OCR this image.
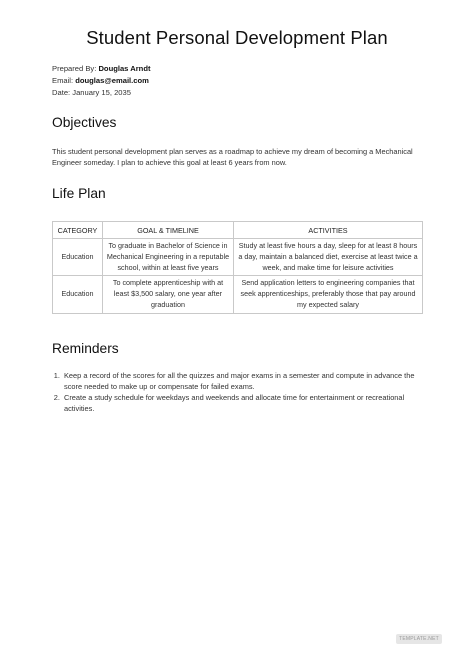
Student Personal Development Plan
Prepared By: Douglas Arndt
Email: douglas@email.com
Date: January 15, 2035
Objectives
This student personal development plan serves as a roadmap to achieve my dream of becoming a Mechanical Engineer someday. I plan to achieve this goal at least 6 years from now.
Life Plan
CATEGORY	GOAL & TIMELINE	ACTIVITIES
Education	To graduate in Bachelor of Science in Mechanical Engineering in a reputable school, within at least five years	Study at least five hours a day, sleep for at least 8 hours a day, maintain a balanced diet, exercise at least twice a week, and make time for leisure activities
Education	To complete apprenticeship with at least $3,500 salary, one year after graduation	Send application letters to engineering companies that seek apprenticeships, preferably those that pay around my expected salary
Reminders
1. Keep a record of the scores for all the quizzes and major exams in a semester and compute in advance the score needed to make up or compensate for failed exams.
2. Create a study schedule for weekdays and weekends and allocate time for entertainment or recreational activities.
TEMPLATE.NET
